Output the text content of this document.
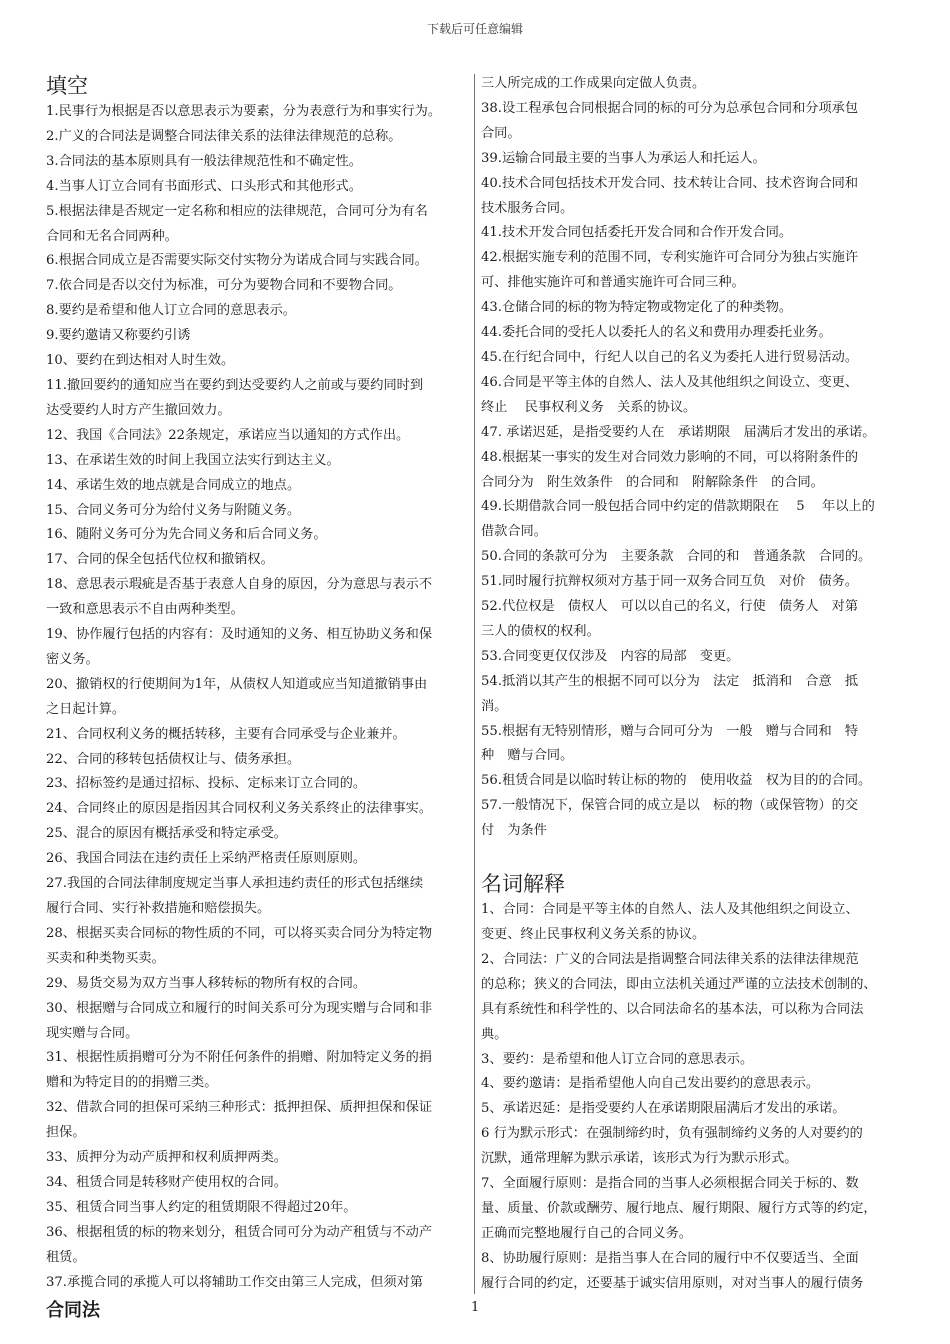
下载后可任意编辑
填空
1.民事行为根据是否以意思表示为要素，分为表意行为和事实行为。
2.广义的合同法是调整合同法律关系的法律法律规范的总称。
3.合同法的基本原则具有一般法律规范性和不确定性。
4.当事人订立合同有书面形式、口头形式和其他形式。
5.根据法律是否规定一定名称和相应的法律规范，合同可分为有名
合同和无名合同两种。
6.根据合同成立是否需要实际交付实物分为诺成合同与实践合同。
7.依合同是否以交付为标准，可分为要物合同和不要物合同。
8.要约是希望和他人订立合同的意思表示。
9.要约邀请又称要约引诱
10、要约在到达相对人时生效。
11.撤回要约的通知应当在要约到达受要约人之前或与要约同时到
达受要约人时方产生撤回效力。
12、我国《合同法》22条规定，承诺应当以通知的方式作出。
13、在承诺生效的时间上我国立法实行到达主义。
14、承诺生效的地点就是合同成立的地点。
15、合同义务可分为给付义务与附随义务。
16、随附义务可分为先合同义务和后合同义务。
17、合同的保全包括代位权和撤销权。
18、意思表示瑕疵是否基于表意人自身的原因，分为意思与表示不
一致和意思表示不自由两种类型。
19、协作履行包括的内容有：及时通知的义务、相互协助义务和保
密义务。
20、撤销权的行使期间为1年，从债权人知道或应当知道撤销事由
之日起计算。
21、合同权利义务的概括转移，主要有合同承受与企业兼并。
22、合同的移转包括债权让与、债务承担。
23、招标签约是通过招标、投标、定标来订立合同的。
24、合同终止的原因是指因其合同权利义务关系终止的法律事实。
25、混合的原因有概括承受和特定承受。
26、我国合同法在违约责任上采纳严格责任原则原则。
27.我国的合同法律制度规定当事人承担违约责任的形式包括继续
履行合同、实行补救措施和赔偿损失。
28、根据买卖合同标的物性质的不同，可以将买卖合同分为特定物
买卖和种类物买卖。
29、易货交易为双方当事人移转标的物所有权的合同。
30、根据赠与合同成立和履行的时间关系可分为现实赠与合同和非
现实赠与合同。
31、根据性质捐赠可分为不附任何条件的捐赠、附加特定义务的捐
赠和为特定目的的捐赠三类。
32、借款合同的担保可采纳三种形式：抵押担保、质押担保和保证
担保。
33、质押分为动产质押和权利质押两类。
34、租赁合同是转移财产使用权的合同。
35、租赁合同当事人约定的租赁期限不得超过20年。
36、根据租赁的标的物来划分，租赁合同可分为动产租赁与不动产
租赁。
37.承揽合同的承揽人可以将辅助工作交由第三人完成，但须对第
三人所完成的工作成果向定做人负责。
38.设工程承包合同根据合同的标的可分为总承包合同和分项承包
合同。
39.运输合同最主要的当事人为承运人和托运人。
40.技术合同包括技术开发合同、技术转让合同、技术咨询合同和
技术服务合同。
41.技术开发合同包括委托开发合同和合作开发合同。
42.根据实施专利的范围不同，专利实施许可合同分为独占实施许
可、排他实施许可和普通实施许可合同三种。
43.仓储合同的标的物为特定物或物定化了的种类物。
44.委托合同的受托人以委托人的名义和费用办理委托业务。
45.在行纪合同中，行纪人以自己的名义为委托人进行贸易活动。
46.合同是平等主体的自然人、法人及其他组织之间设立、变更、
终止　 民事权利义务　关系的协议。
47. 承诺迟延，是指受要约人在　承诺期限　届满后才发出的承诺。
48.根据某一事实的发生对合同效力影响的不同，可以将附条件的
合同分为　附生效条件　的合同和　附解除条件　的合同。
49.长期借款合同一般包括合同中约定的借款期限在　 5　 年以上的
借款合同。
50.合同的条款可分为　主要条款　合同的和　普通条款　合同的。
51.同时履行抗辩权须对方基于同一双务合同互负　对价　债务。
52.代位权是　债权人　可以以自己的名义，行使　债务人　对第
三人的债权的权利。
53.合同变更仅仅涉及　内容的局部　变更。
54.抵消以其产生的根据不同可以分为　法定　抵消和　合意　抵
消。
55.根据有无特别情形，赠与合同可分为　一般　赠与合同和　特
种　赠与合同。
56.租赁合同是以临时转让标的物的　使用收益　权为目的的合同。
57.一般情况下，保管合同的成立是以　标的物（或保管物）的交
付　为条件
名词解释
1、合同：合同是平等主体的自然人、法人及其他组织之间设立、
变更、终止民事权利义务关系的协议。
2、合同法：广义的合同法是指调整合同法律关系的法律法律规范
的总称；狭义的合同法，即由立法机关通过严谨的立法技术创制的、
具有系统性和科学性的、以合同法命名的基本法，可以称为合同法
典。
3、要约：是希望和他人订立合同的意思表示。
4、要约邀请：是指希望他人向自己发出要约的意思表示。
5、承诺迟延：是指受要约人在承诺期限届满后才发出的承诺。
6 行为默示形式：在强制缔约时，负有强制缔约义务的人对要约的
沉默，通常理解为默示承诺，该形式为行为默示形式。
7、全面履行原则：是指合同的当事人必须根据合同关于标的、数
量、质量、价款或酬劳、履行地点、履行期限、履行方式等的约定，
正确而完整地履行自己的合同义务。
8、协助履行原则：是指当事人在合同的履行中不仅要适当、全面
履行合同的约定，还要基于诚实信用原则，对对当事人的履行债务
合同法	1
